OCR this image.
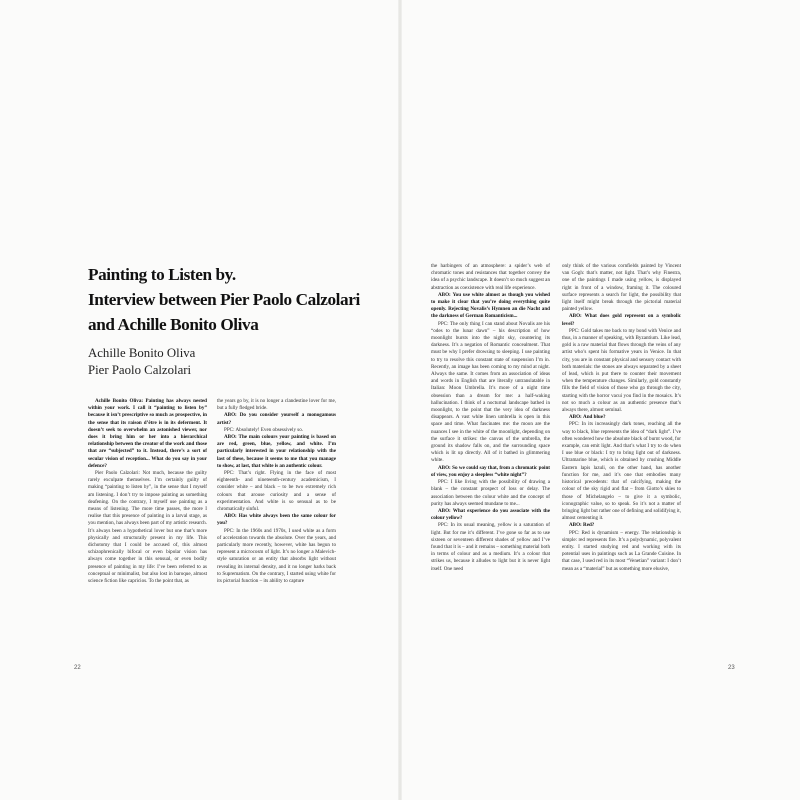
Painting to Listen by.
Interview between Pier Paolo Calzolari
and Achille Bonito Oliva
Achille Bonito Oliva
Pier Paolo Calzolari

Achille Bonito Oliva: Painting has always nested within your work. I call it “painting to listen by” because it isn’t prescriptive so much as prospective, in the sense that its raison d’être is in its deferment. It doesn’t seek to overwhelm an astonished viewer, nor does it bring him or her into a hierarchical relationship between the creator of the work and those that are “subjected” to it. Instead, there’s a sort of secular vision of reception... What do you say in your defence?

Pier Paolo Calzolari: Not much, because the guilty rarely exculpate themselves. I’m certainly guilty of making “painting to listen by”, in the sense that I myself am listening. I don’t try to impose painting as something deafening. On the contrary, I myself use painting as a means of listening. The more time passes, the more I realise that this presence of painting in a larval stage, as you mention, has always been part of my artistic research. It’s always been a hypothetical lover but one that’s more physically and structurally present in my life. This dichotomy that I could be accused of, this almost schizophrenically bifocal or even bipolar vision has always come together in this sensual, or even bodily presence of painting in my life: I’ve been referred to as conceptual or minimalist, but also lost in baroque, almost science fiction like capricios. To the point that, as

the years go by, it is no longer a clandestine lover for me, but a fully fledged bride.

ABO: Do you consider yourself a monogamous artist?

PPC: Absolutely! Even obsessively so.

ABO: The main colours your painting is based on are red, green, blue, yellow, and white. I’m particularly interested in your relationship with the last of these, because it seems to me that you manage to show, at last, that white is an authentic colour.

PPC: That’s right. Flying in the face of most eighteenth- and nineteenth-century academicism, I consider white – and black – to be two extremely rich colours that arouse curiosity and a sense of experimentation. And white is so sensual as to be chromatically sinful.

ABO: Has white always been the same colour for you?

PPC: In the 1960s and 1970s, I used white as a form of acceleration towards the absolute. Over the years, and particularly more recently, however, white has begun to represent a microcosm of light. It’s no longer a Malevich-style saturation or an entity that absorbs light without revealing its internal density, and it no longer harks back to Suprematism. On the contrary, I started using white for its pictorial function – its ability to capture

the harbingers of an atmosphere: a spider’s web of chromatic tones and resistances that together convey the idea of a psychic landscape. It doesn’t so much suggest an abstraction as coexistence with real life experience.

ABO: You use white almost as though you wished to make it clear that you’re doing everything quite openly. Rejecting Novalis’s Hymnen an die Nacht and the darkness of German Romanticism...

PPC: The only thing I can stand about Novalis are his “odes to the lunar dawn” – his description of how moonlight bursts into the night sky, countering its darkness. It’s a negation of Romantic concealment. That must be why I prefer drowsing to sleeping. I use painting to try to resolve this constant state of suspension I’m in. Recently, an image has been coming to my mind at night. Always the same. It comes from an association of ideas and words in English that are literally untranslatable in Italian: Moon Umbrella. It’s more of a night time obsession than a dream for me: a half-waking hallucination. I think of a nocturnal landscape bathed in moonlight, to the point that the very idea of darkness disappears. A vast white linen umbrella is open in this space and time. What fascinates me: the moon are the nuances I see in the white of the moonlight, depending on the surface it strikes: the canvas of the umbrella, the ground its shadow falls on, and the surrounding space which is lit up directly. All of it bathed in glimmering white.

ABO: So we could say that, from a chromatic point of view, you enjoy a sleepless “white night”?

PPC: I like living with the possibility of drawing a blank – the constant prospect of loss or delay. The association between the colour white and the concept of purity has always seemed mundane to me...

ABO: What experience do you associate with the colour yellow?

PPC: In its usual meaning, yellow is a saturation of light. But for me it’s different. I’ve gone so far as to use sixteen or seventeen different shades of yellow and I’ve found that it is – and it remains – something material both in terms of colour and as a medium. It’s a colour that strikes us, because it alludes to light but it is never light itself. One need

only think of the various cornfields painted by Vincent van Gogh: that’s matter, not light. That’s why Finestra, one of the paintings I made using yellow, is displayed right in front of a window, framing it. The coloured surface represents a search for light, the possibility that light itself might break through the pictorial material painted yellow.

ABO: What does gold represent on a symbolic level?

PPC: Gold takes me back to my bond with Venice and thus, in a manner of speaking, with Byzantium. Like lead, gold is a raw material that flows through the veins of any artist who’s spent his formative years in Venice. In that city, you are in constant physical and sensory contact with both materials: the stones are always separated by a sheet of lead, which is put there to counter their movement when the temperature changes. Similarly, gold constantly fills the field of vision of those who go through the city, starting with the horror vacui you find in the mosaics. It’s not so much a colour as an authentic presence that’s always there, almost seminal.

ABO: And blue?

PPC: In its increasingly dark tones, reaching all the way to black, blue represents the idea of “dark light”. I’ve often wondered how the absolute black of burnt wood, for example, can emit light. And that’s what I try to do when I use blue or black: I try to bring light out of darkness. Ultramarine blue, which is obtained by crushing Middle Eastern lapis lazuli, on the other hand, has another function for me, and it’s one that embodies many historical precedents: that of calcifying, making the colour of the sky rigid and flat – from Giotto’s skies to those of Michelangelo – to give it a symbolic, iconographic value, so to speak. So it’s not a matter of bringing light but rather one of defining and solidifying it, almost cementing it.

ABO: Red?

PPC: Red is dynamism – energy. The relationship is simple: red represents fire. It’s a polydynamic, polyvalent entity. I started studying red and working with its potential uses in paintings such as La Grande Cuisine. In that case, I used red in its most “Venetian” variant: I don’t mean as a “material” but as something more elusive,

22	23
